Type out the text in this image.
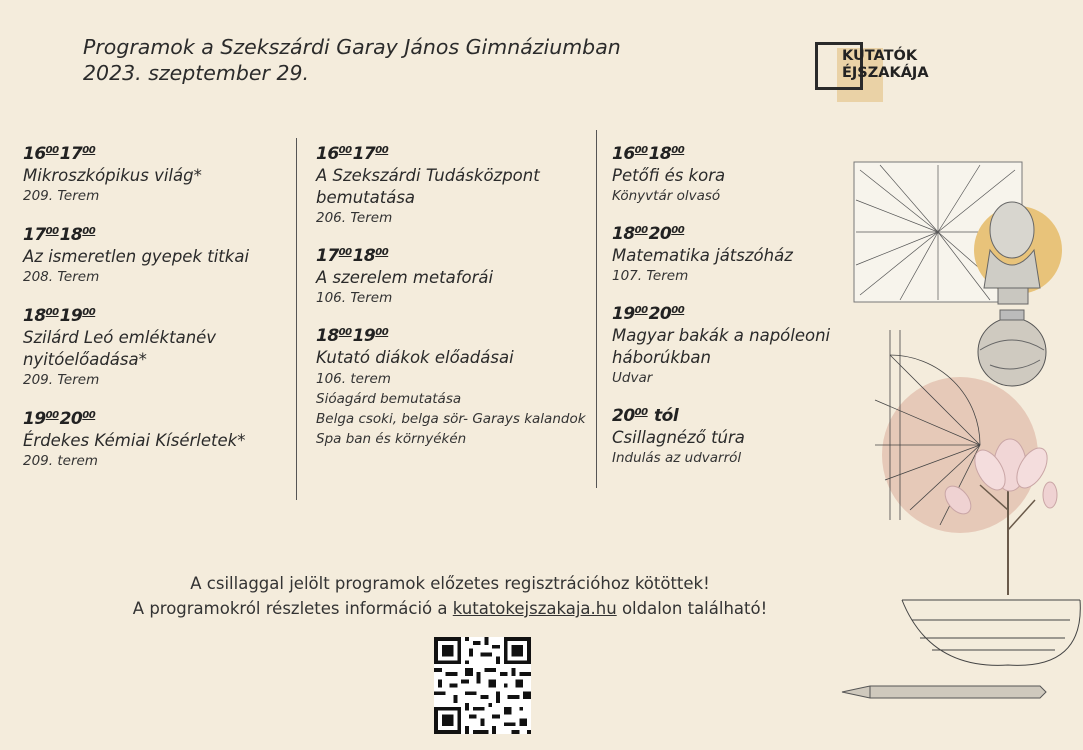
Programok a Szekszárdi Garay János Gimnáziumban
2023. szeptember 29.
KUTATÓK
ÉJSZAKÁJA
$16^{00}17^{00}$
Mikroszkópikus világ*
209. Terem
$17^{00}18^{00}$
Az ismeretlen gyepek titkai
208. Terem
$18^{00}19^{00}$
Szilárd Leó emléktanév nyitóelőadása*
209. Terem
$19^{00}20^{00}$
Érdekes Kémiai Kísérletek*
209. terem
$16^{00}17^{00}$
A Szekszárdi Tudásközpont bemutatása
206. Terem
$17^{00}18^{00}$
A szerelem metaforái
106. Terem
$18^{00}19^{00}$
Kutató diákok előadásai
106. terem
Sióagárd bemutatása
Belga csoki, belga sör- Garays kalandok Spa ban és környékén
$16^{00}18^{00}$
Petőfi és kora
Könyvtár olvasó
$18^{00}20^{00}$
Matematika játszóház
107. Terem
$19^{00}20^{00}$
Magyar bakák a napóleoni háborúkban
Udvar
$20^{00}$ tól
Csillagnéző túra
Indulás az udvarról
A csillaggal jelölt programok előzetes regisztrációhoz kötöttek!
A programokról részletes információ a kutatokejszakaja.hu oldalon található!
